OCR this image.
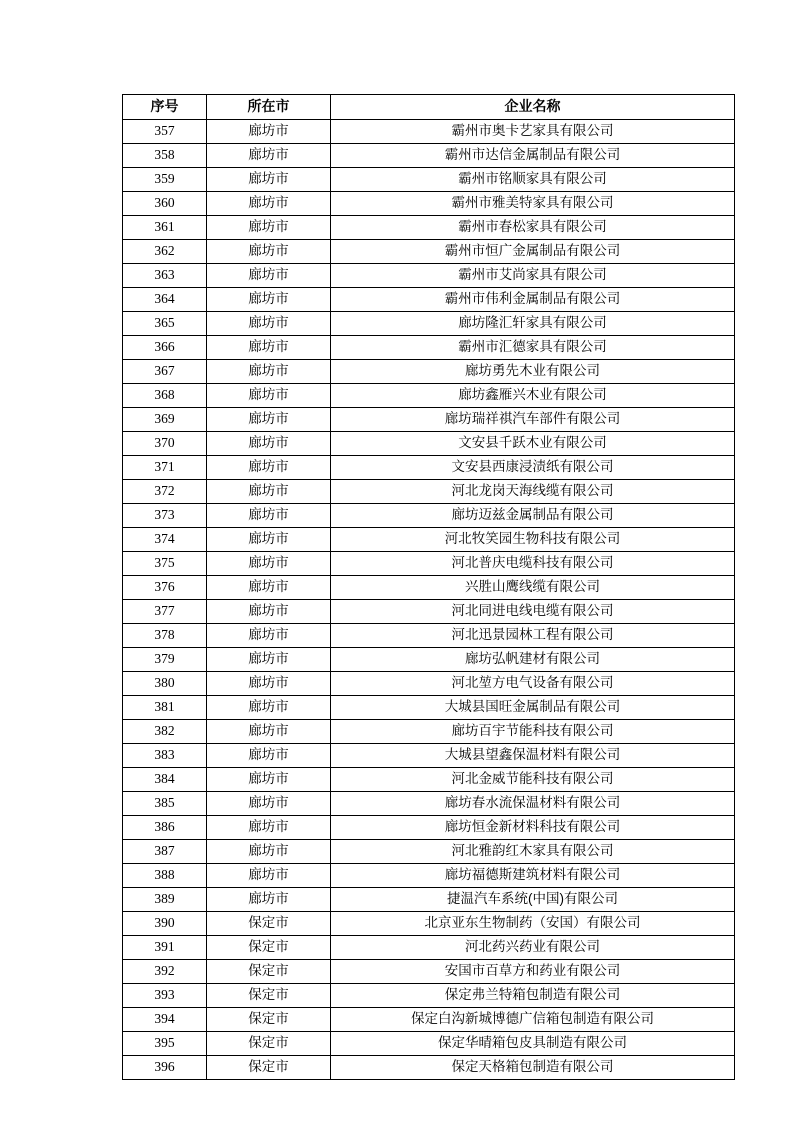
序号	所在市	企业名称
357	廊坊市	霸州市奥卡艺家具有限公司
358	廊坊市	霸州市达信金属制品有限公司
359	廊坊市	霸州市铭顺家具有限公司
360	廊坊市	霸州市雅美特家具有限公司
361	廊坊市	霸州市春松家具有限公司
362	廊坊市	霸州市恒广金属制品有限公司
363	廊坊市	霸州市艾尚家具有限公司
364	廊坊市	霸州市伟利金属制品有限公司
365	廊坊市	廊坊隆汇轩家具有限公司
366	廊坊市	霸州市汇德家具有限公司
367	廊坊市	廊坊勇先木业有限公司
368	廊坊市	廊坊鑫雁兴木业有限公司
369	廊坊市	廊坊瑞祥祺汽车部件有限公司
370	廊坊市	文安县千跃木业有限公司
371	廊坊市	文安县西康浸渍纸有限公司
372	廊坊市	河北龙岗天海线缆有限公司
373	廊坊市	廊坊迈兹金属制品有限公司
374	廊坊市	河北牧笑园生物科技有限公司
375	廊坊市	河北普庆电缆科技有限公司
376	廊坊市	兴胜山鹰线缆有限公司
377	廊坊市	河北同进电线电缆有限公司
378	廊坊市	河北迅景园林工程有限公司
379	廊坊市	廊坊弘帆建材有限公司
380	廊坊市	河北堃方电气设备有限公司
381	廊坊市	大城县国旺金属制品有限公司
382	廊坊市	廊坊百宇节能科技有限公司
383	廊坊市	大城县望鑫保温材料有限公司
384	廊坊市	河北金威节能科技有限公司
385	廊坊市	廊坊春水流保温材料有限公司
386	廊坊市	廊坊恒金新材料科技有限公司
387	廊坊市	河北雅韵红木家具有限公司
388	廊坊市	廊坊福德斯建筑材料有限公司
389	廊坊市	捷温汽车系统(中国)有限公司
390	保定市	北京亚东生物制药（安国）有限公司
391	保定市	河北药兴药业有限公司
392	保定市	安国市百草方和药业有限公司
393	保定市	保定弗兰特箱包制造有限公司
394	保定市	保定白沟新城博德广信箱包制造有限公司
395	保定市	保定华晴箱包皮具制造有限公司
396	保定市	保定天格箱包制造有限公司
